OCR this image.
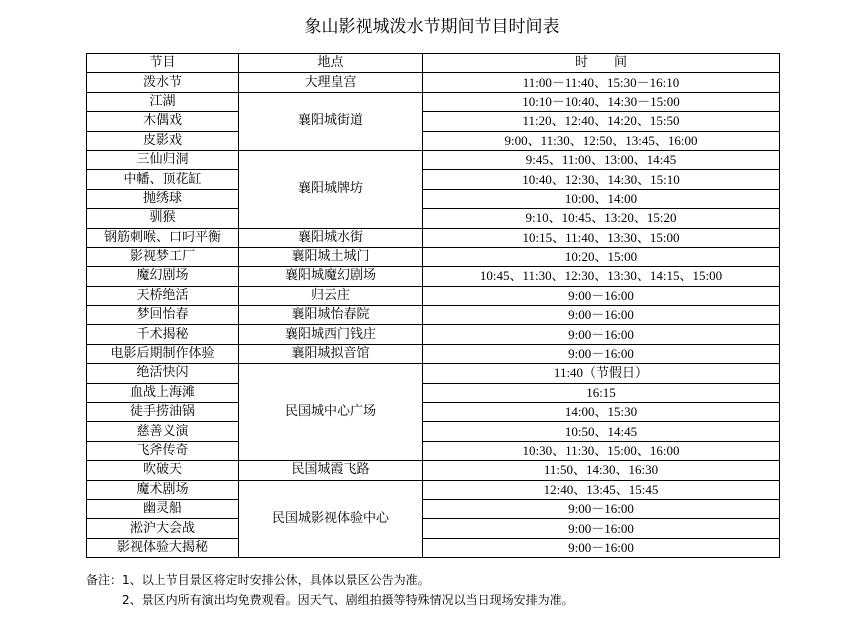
象山影视城泼水节期间节目时间表
节目	地点	时　　间
泼水节	大理皇宫	11:00－11:40、15:30－16:10
江湖	襄阳城街道	10:10－10:40、14:30－15:00
木偶戏		11:20、12:40、14:20、15:50
皮影戏		9:00、11:30、12:50、13:45、16:00
三仙归洞	襄阳城牌坊	9:45、11:00、13:00、14:45
中幡、顶花缸		10:40、12:30、14:30、15:10
抛绣球		10:00、14:00
驯猴		9:10、10:45、13:20、15:20
钢筋刺喉、口叼平衡	襄阳城水街	10:15、11:40、13:30、15:00
影视梦工厂	襄阳城土城门	10:20、15:00
魔幻剧场	襄阳城魔幻剧场	10:45、11:30、12:30、13:30、14:15、15:00
天桥绝活	归云庄	9:00－16:00
梦回怡春	襄阳城怡春院	9:00－16:00
千术揭秘	襄阳城西门钱庄	9:00－16:00
电影后期制作体验	襄阳城拟音馆	9:00－16:00
绝活快闪	民国城中心广场	11:40（节假日）
血战上海滩		16:15
徒手捞油锅		14:00、15:30
慈善义演		10:50、14:45
飞斧传奇		10:30、11:30、15:00、16:00
吹破天	民国城霞飞路	11:50、14:30、16:30
魔术剧场	民国城影视体验中心	12:40、13:45、15:45
幽灵船		9:00－16:00
淞沪大会战		9:00－16:00
影视体验大揭秘		9:00－16:00
备注：1、以上节目景区将定时安排公休，具体以景区公告为准。
2、景区内所有演出均免费观看。因天气、剧组拍摄等特殊情况以当日现场安排为准。
